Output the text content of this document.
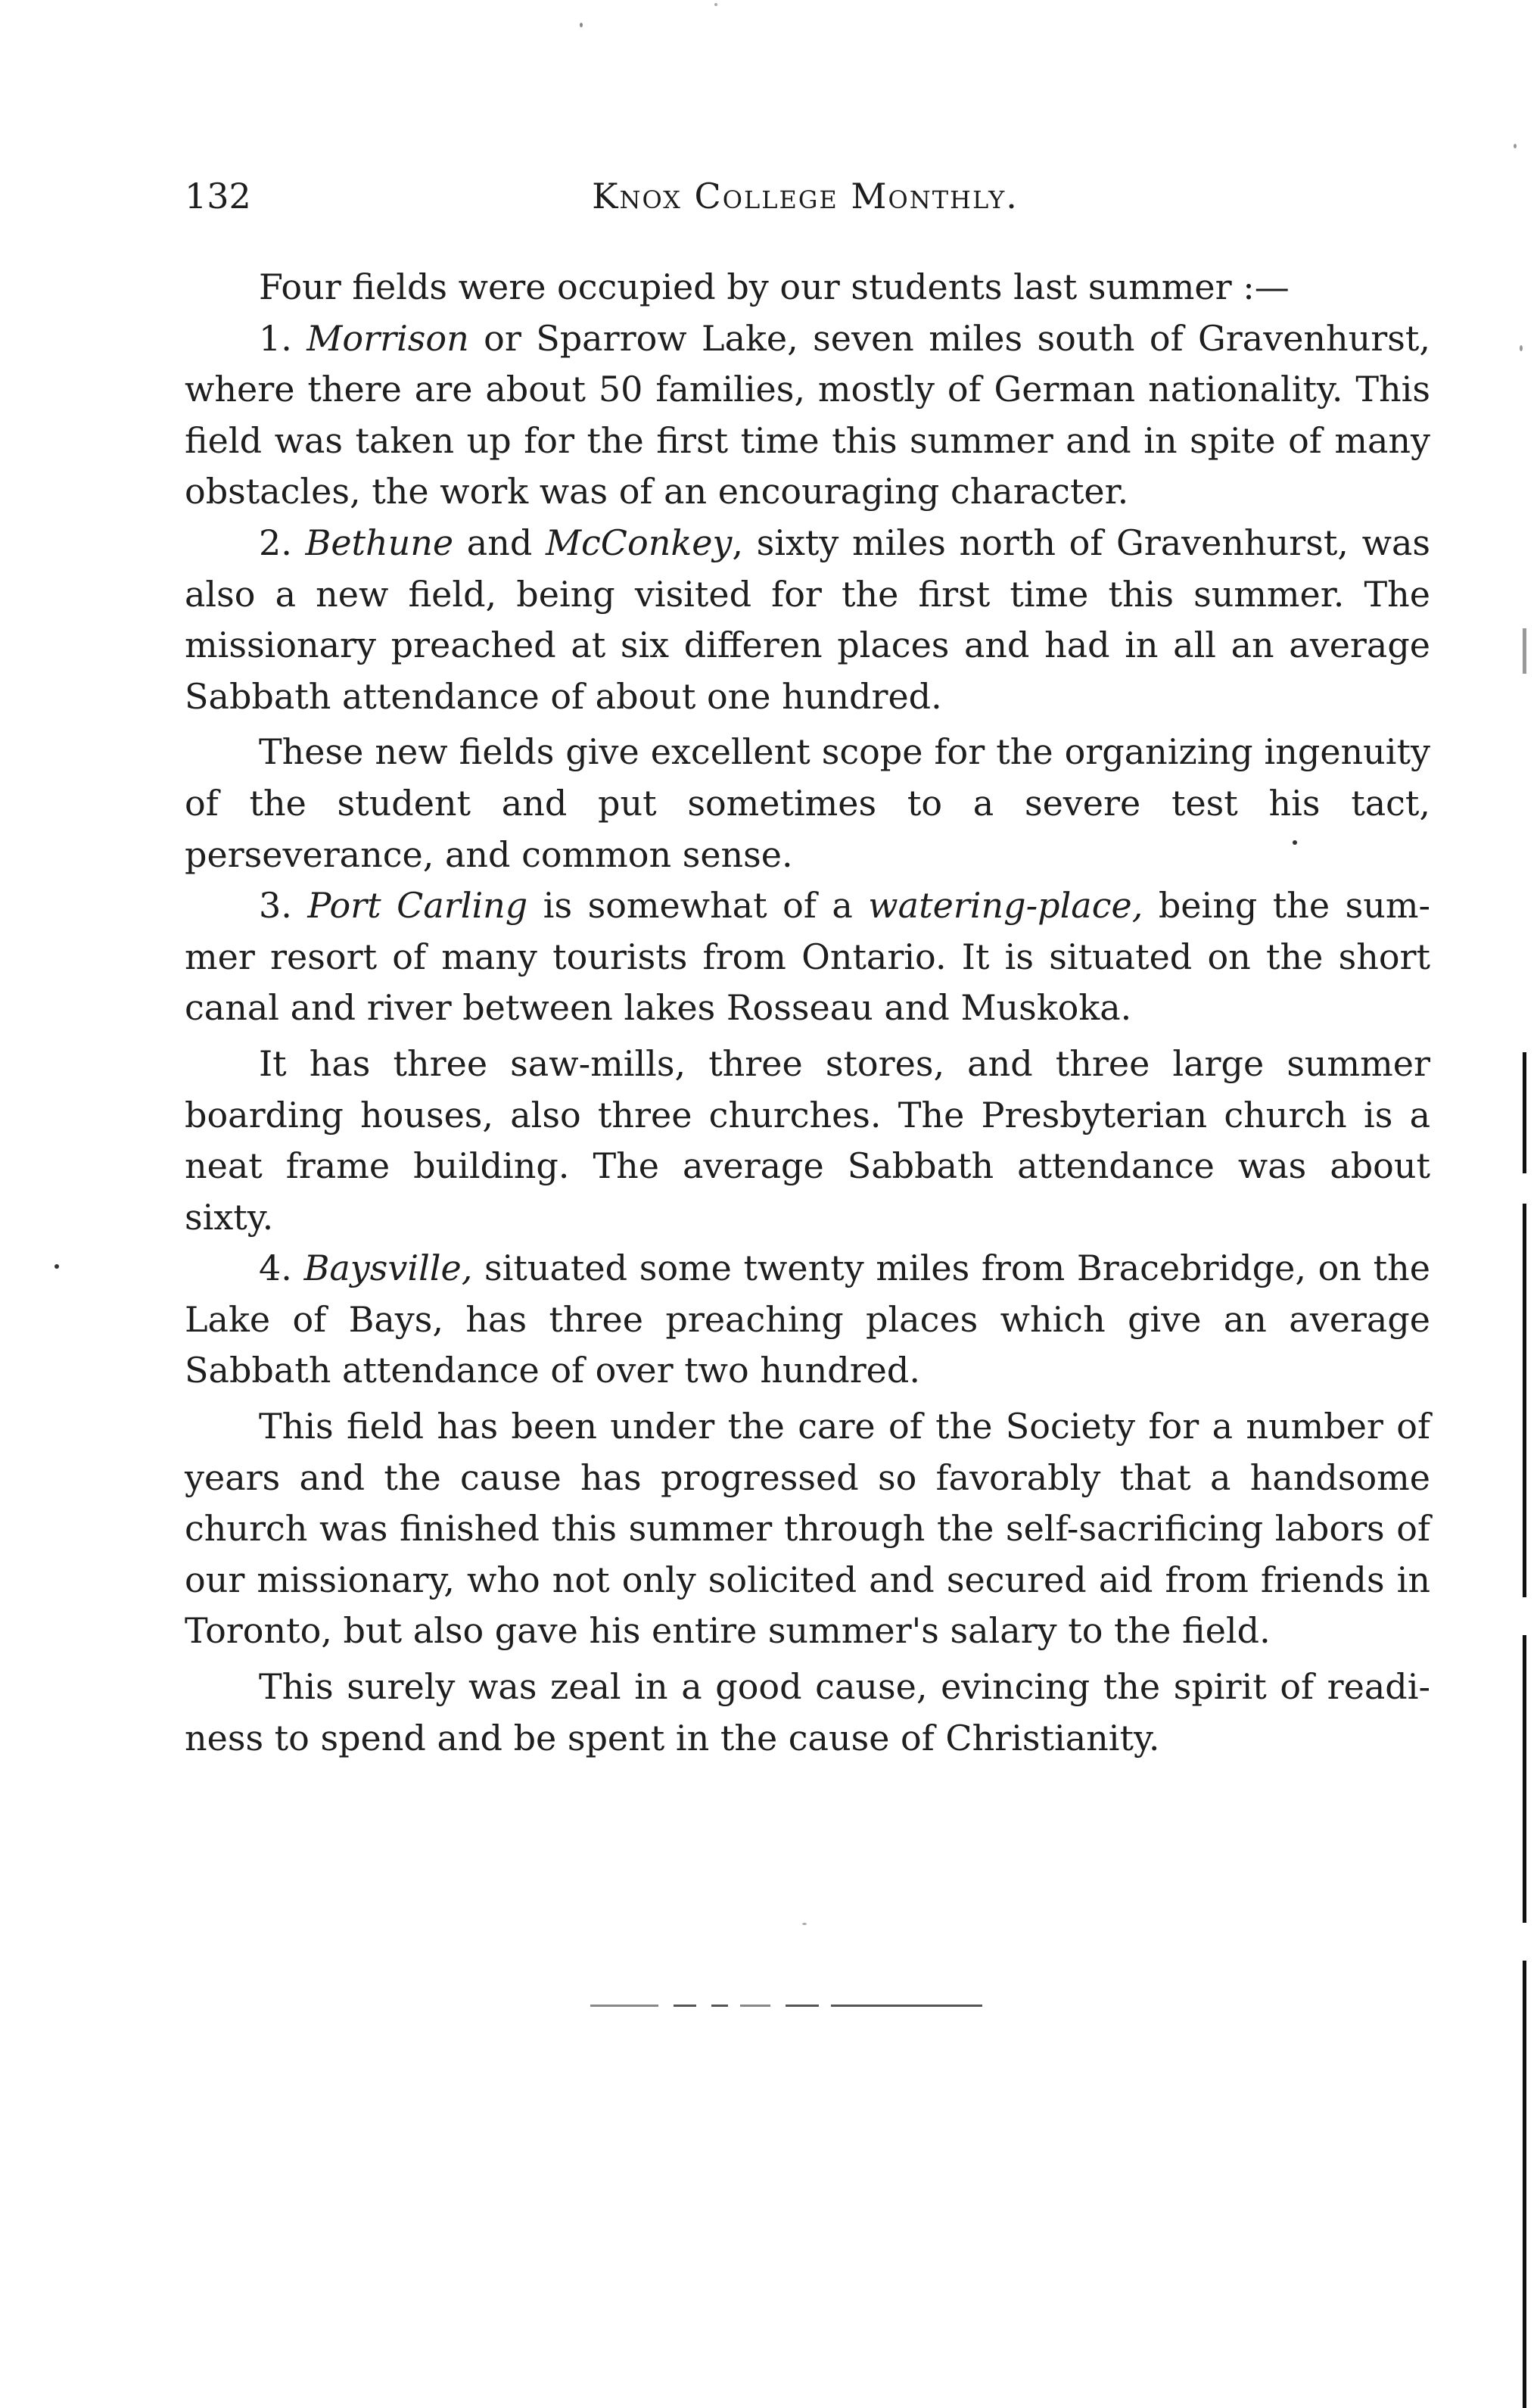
132	Knox College Monthly.

Four fields were occupied by our students last summer :—

1. Morrison or Sparrow Lake, seven miles south of Gravenhurst, where there are about 50 families, mostly of German nationality. This field was taken up for the first time this summer and in spite of many obstacles, the work was of an encouraging character.

2. Bethune and McConkey, sixty miles north of Gravenhurst, was also a new field, being visited for the first time this summer. The missionary preached at six differen places and had in all an average Sabbath attendance of about one hundred.

These new fields give excellent scope for the organizing ingenuity of the student and put sometimes to a severe test his tact, perseverance, and common sense.

3. Port Carling is somewhat of a watering-place, being the summer resort of many tourists from Ontario. It is situated on the short canal and river between lakes Rosseau and Muskoka.

It has three saw-mills, three stores, and three large summer boarding houses, also three churches. The Presbyterian church is a neat frame building. The average Sabbath attendance was about sixty.

4. Baysville, situated some twenty miles from Bracebridge, on the Lake of Bays, has three preaching places which give an average Sabbath attendance of over two hundred.

This field has been under the care of the Society for a number of years and the cause has progressed so favorably that a handsome church was finished this summer through the self-sacrificing labors of our missionary, who not only solicited and secured aid from friends in Toronto, but also gave his entire summer's salary to the field.

This surely was zeal in a good cause, evincing the spirit of readiness to spend and be spent in the cause of Christianity.
